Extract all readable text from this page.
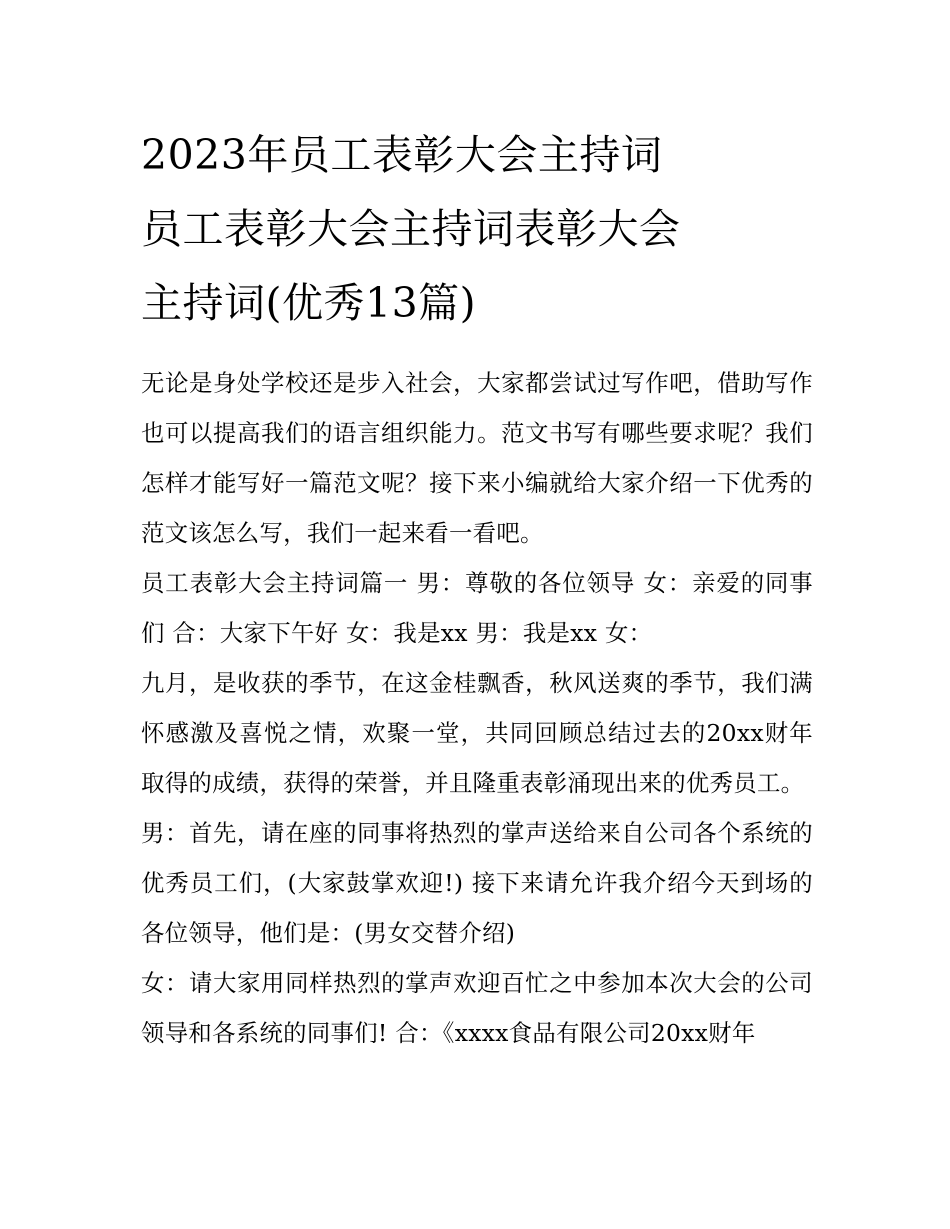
2023年员工表彰大会主持词
员工表彰大会主持词表彰大会
主持词(优秀13篇)

无论是身处学校还是步入社会，大家都尝试过写作吧，借助写作也可以提高我们的语言组织能力。范文书写有哪些要求呢？我们怎样才能写好一篇范文呢？接下来小编就给大家介绍一下优秀的范文该怎么写，我们一起来看一看吧。

员工表彰大会主持词篇一 男：尊敬的各位领导 女：亲爱的同事们 合：大家下午好 女：我是xx 男：我是xx 女：

九月，是收获的季节，在这金桂飘香，秋风送爽的季节，我们满怀感激及喜悦之情，欢聚一堂，共同回顾总结过去的20xx财年取得的成绩，获得的荣誉，并且隆重表彰涌现出来的优秀员工。

男：首先，请在座的同事将热烈的掌声送给来自公司各个系统的优秀员工们，(大家鼓掌欢迎!) 接下来请允许我介绍今天到场的各位领导，他们是：(男女交替介绍)

女：请大家用同样热烈的掌声欢迎百忙之中参加本次大会的公司领导和各系统的同事们! 合：《xxxx食品有限公司20xx财年
